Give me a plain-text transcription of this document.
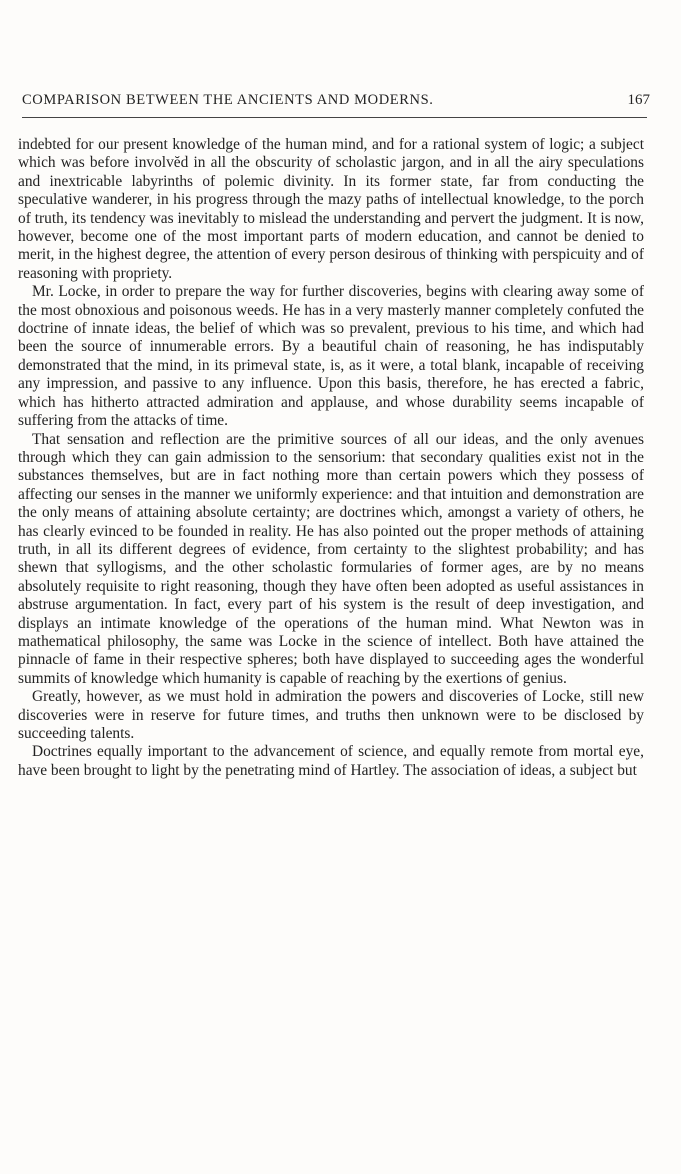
COMPARISON BETWEEN THE ANCIENTS AND MODERNS.	167

indebted for our present knowledge of the human mind, and for a rational system of logic; a subject which was before involvĕd in all the obscurity of scholastic jargon, and in all the airy speculations and inextricable labyrinths of polemic divinity. In its former state, far from conducting the speculative wanderer, in his progress through the mazy paths of intellectual knowledge, to the porch of truth, its tendency was inevitably to mislead the understanding and pervert the judgment. It is now, however, become one of the most important parts of modern education, and cannot be denied to merit, in the highest degree, the attention of every person desirous of thinking with perspicuity and of reasoning with propriety.

Mr. Locke, in order to prepare the way for further discoveries, begins with clearing away some of the most obnoxious and poisonous weeds. He has in a very masterly manner completely confuted the doctrine of innate ideas, the belief of which was so prevalent, previous to his time, and which had been the source of innumerable errors. By a beautiful chain of reasoning, he has indisputably demonstrated that the mind, in its primeval state, is, as it were, a total blank, incapable of receiving any impression, and passive to any influence. Upon this basis, therefore, he has erected a fabric, which has hitherto attracted admiration and applause, and whose durability seems incapable of suffering from the attacks of time.

That sensation and reflection are the primitive sources of all our ideas, and the only avenues through which they can gain admission to the sensorium: that secondary qualities exist not in the substances themselves, but are in fact nothing more than certain powers which they possess of affecting our senses in the manner we uniformly experience: and that intuition and demonstration are the only means of attaining absolute certainty; are doctrines which, amongst a variety of others, he has clearly evinced to be founded in reality. He has also pointed out the proper methods of attaining truth, in all its different degrees of evidence, from certainty to the slightest probability; and has shewn that syllogisms, and the other scholastic formularies of former ages, are by no means absolutely requisite to right reasoning, though they have often been adopted as useful assistances in abstruse argumentation. In fact, every part of his system is the result of deep investigation, and displays an intimate knowledge of the operations of the human mind. What Newton was in mathematical philosophy, the same was Locke in the science of intellect. Both have attained the pinnacle of fame in their respective spheres; both have displayed to succeeding ages the wonderful summits of knowledge which humanity is capable of reaching by the exertions of genius.

Greatly, however, as we must hold in admiration the powers and discoveries of Locke, still new discoveries were in reserve for future times, and truths then unknown were to be disclosed by succeeding talents.

Doctrines equally important to the advancement of science, and equally remote from mortal eye, have been brought to light by the penetrating mind of Hartley. The association of ideas, a subject but
